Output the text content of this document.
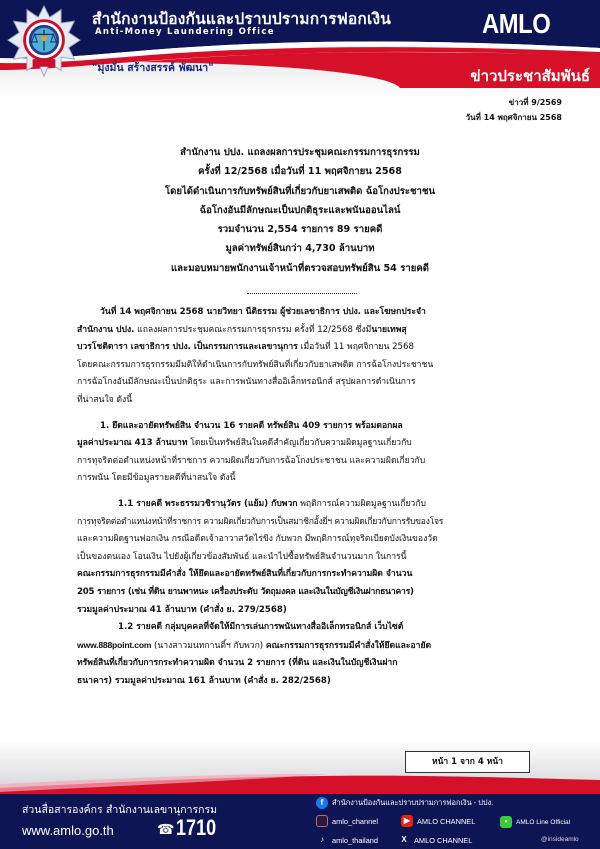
สำนักงานป้องกันและปราบปรามการฟอกเงิน
Anti-Money Laundering Office
"มุ่งมั่น สร้างสรรค์ พัฒนา"
AMLO
ข่าวประชาสัมพันธ์
ข่าวที่ 9/2569
วันที่ 14 พฤศจิกายน 2568
สำนักงาน ปปง. แถลงผลการประชุมคณะกรรมการธุรกรรม
ครั้งที่ 12/2568 เมื่อวันที่ 11 พฤศจิกายน 2568
โดยได้ดำเนินการกับทรัพย์สินที่เกี่ยวกับยาเสพติด ฉ้อโกงประชาชน
ฉ้อโกงอันมีลักษณะเป็นปกติธุระและพนันออนไลน์
รวมจำนวน 2,554 รายการ 89 รายคดี
มูลค่าทรัพย์สินกว่า 4,730 ล้านบาท
และมอบหมายพนักงานเจ้าหน้าที่ตรวจสอบทรัพย์สิน 54 รายคดี
วันที่ 14 พฤศจิกายน 2568 นายวิทยา นีติธรรม ผู้ช่วยเลขาธิการ ปปง. และโฆษกประจำ
สำนักงาน ปปง. แถลงผลการประชุมคณะกรรมการธุรกรรม ครั้งที่ 12/2568 ซึ่งมีนายเทพสุ
บวรโชติดารา เลขาธิการ ปปง. เป็นกรรมการและเลขานุการ เมื่อวันที่ 11 พฤศจิกายน 2568
โดยคณะกรรมการธุรกรรมมีมติให้ดำเนินการกับทรัพย์สินที่เกี่ยวกับยาเสพติด การฉ้อโกงประชาชน
การฉ้อโกงอันมีลักษณะเป็นปกติธุระ และการพนันทางสื่ออิเล็กทรอนิกส์ สรุปผลการดำเนินการ
ที่น่าสนใจ ดังนี้
1. ยึดและอายัดทรัพย์สิน จำนวน 16 รายคดี ทรัพย์สิน 409 รายการ พร้อมดอกผล
มูลค่าประมาณ 413 ล้านบาท โดยเป็นทรัพย์สินในคดีสำคัญเกี่ยวกับความผิดมูลฐานเกี่ยวกับ
การทุจริตต่อตำแหน่งหน้าที่ราชการ ความผิดเกี่ยวกับการฉ้อโกงประชาชน และความผิดเกี่ยวกับ
การพนัน โดยมีข้อมูลรายคดีที่น่าสนใจ ดังนี้
1.1 รายคดี พระธรรมวชิรานุวัตร (แย้ม) กับพวก พฤติการณ์ความผิดมูลฐานเกี่ยวกับ
การทุจริตต่อตำแหน่งหน้าที่ราชการ ความผิดเกี่ยวกับการเป็นสมาชิกอั้งยี่ฯ ความผิดเกี่ยวกับการรับของโจร
และความผิดฐานฟอกเงิน กรณีอดีตเจ้าอาวาสวัดไร่ขิง กับพวก มีพฤติการณ์ทุจริตเบียดบังเงินของวัด
เป็นของตนเอง โอนเงิน ไปยังผู้เกี่ยวข้องสัมพันธ์ และนำไปซื้อทรัพย์สินจำนวนมาก ในการนี้
คณะกรรมการธุรกรรมมีคำสั่ง ให้ยึดและอายัดทรัพย์สินที่เกี่ยวกับการกระทำความผิด จำนวน
205 รายการ (เช่น ที่ดิน ยานพาหนะ เครื่องประดับ วัตถุมงคล และเงินในบัญชีเงินฝากธนาคาร)
รวมมูลค่าประมาณ 41 ล้านบาท (คำสั่ง ย. 279/2568)
1.2 รายคดี กลุ่มบุคคลที่จัดให้มีการเล่นการพนันทางสื่ออิเล็กทรอนิกส์ เว็บไซต์
www.888point.com (นางสาวมนทกานติ์ฯ กับพวก) คณะกรรมการธุรกรรมมีคำสั่งให้ยึดและอายัด
ทรัพย์สินที่เกี่ยวกับการกระทำความผิด จำนวน 2 รายการ (ที่ดิน และเงินในบัญชีเงินฝาก
ธนาคาร) รวมมูลค่าประมาณ 161 ล้านบาท (คำสั่ง ย. 282/2568)
หน้า 1 จาก 4 หน้า
ส่วนสื่อสารองค์กร สำนักงานเลขานุการกรม
www.amlo.go.th	☎ 1710
f	สำนักงานป้องกันและปราบปรามการฟอกเงิน - ปปง.
amlo_channel	▶ AMLO CHANNEL	•	AMLO Line Official
@insideamlo
♪	amlo_thailand	X AMLO CHANNEL
